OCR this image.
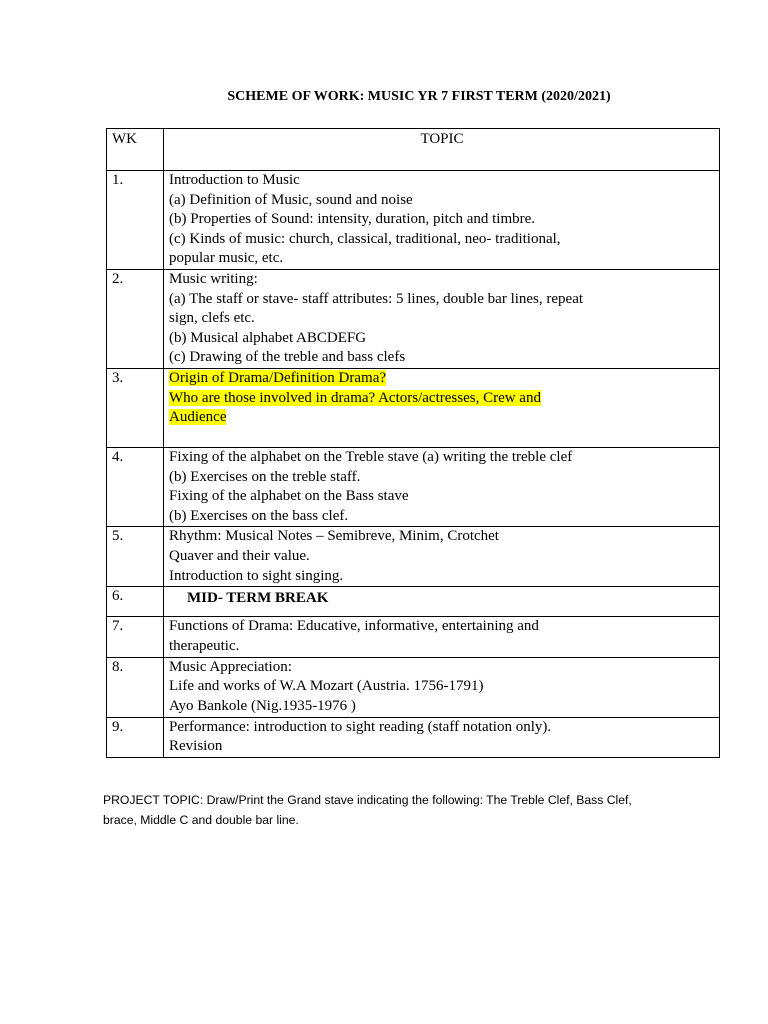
SCHEME OF WORK: MUSIC YR 7 FIRST TERM (2020/2021)
WK	TOPIC
1.	Introduction to Music
(a) Definition of Music, sound and noise
(b) Properties of Sound: intensity, duration, pitch and timbre.
(c) Kinds of music: church, classical, traditional, neo- traditional,
popular music, etc.

2.	Music writing:
(a) The staff or stave- staff attributes: 5 lines, double bar lines, repeat
sign, clefs etc.
(b) Musical alphabet ABCDEFG
(c) Drawing of the treble and bass clefs

3.	Origin of Drama/Definition Drama?
Who are those involved in drama? Actors/actresses, Crew and
Audience

4.	Fixing of the alphabet on the Treble stave (a) writing the treble clef
(b) Exercises on the treble staff.
Fixing of the alphabet on the Bass stave
(b) Exercises on the bass clef.

5.	Rhythm: Musical Notes – Semibreve, Minim, Crotchet
Quaver and their value.
Introduction to sight singing.

6.	MID- TERM BREAK

7.	Functions of Drama: Educative, informative, entertaining and
therapeutic.

8.	Music Appreciation:
Life and works of W.A Mozart (Austria. 1756-1791)
Ayo Bankole (Nig.1935-1976 )

9.	Performance: introduction to sight reading (staff notation only).
Revision
PROJECT TOPIC: Draw/Print the Grand stave indicating the following: The Treble Clef, Bass Clef,
brace, Middle C and double bar line.
